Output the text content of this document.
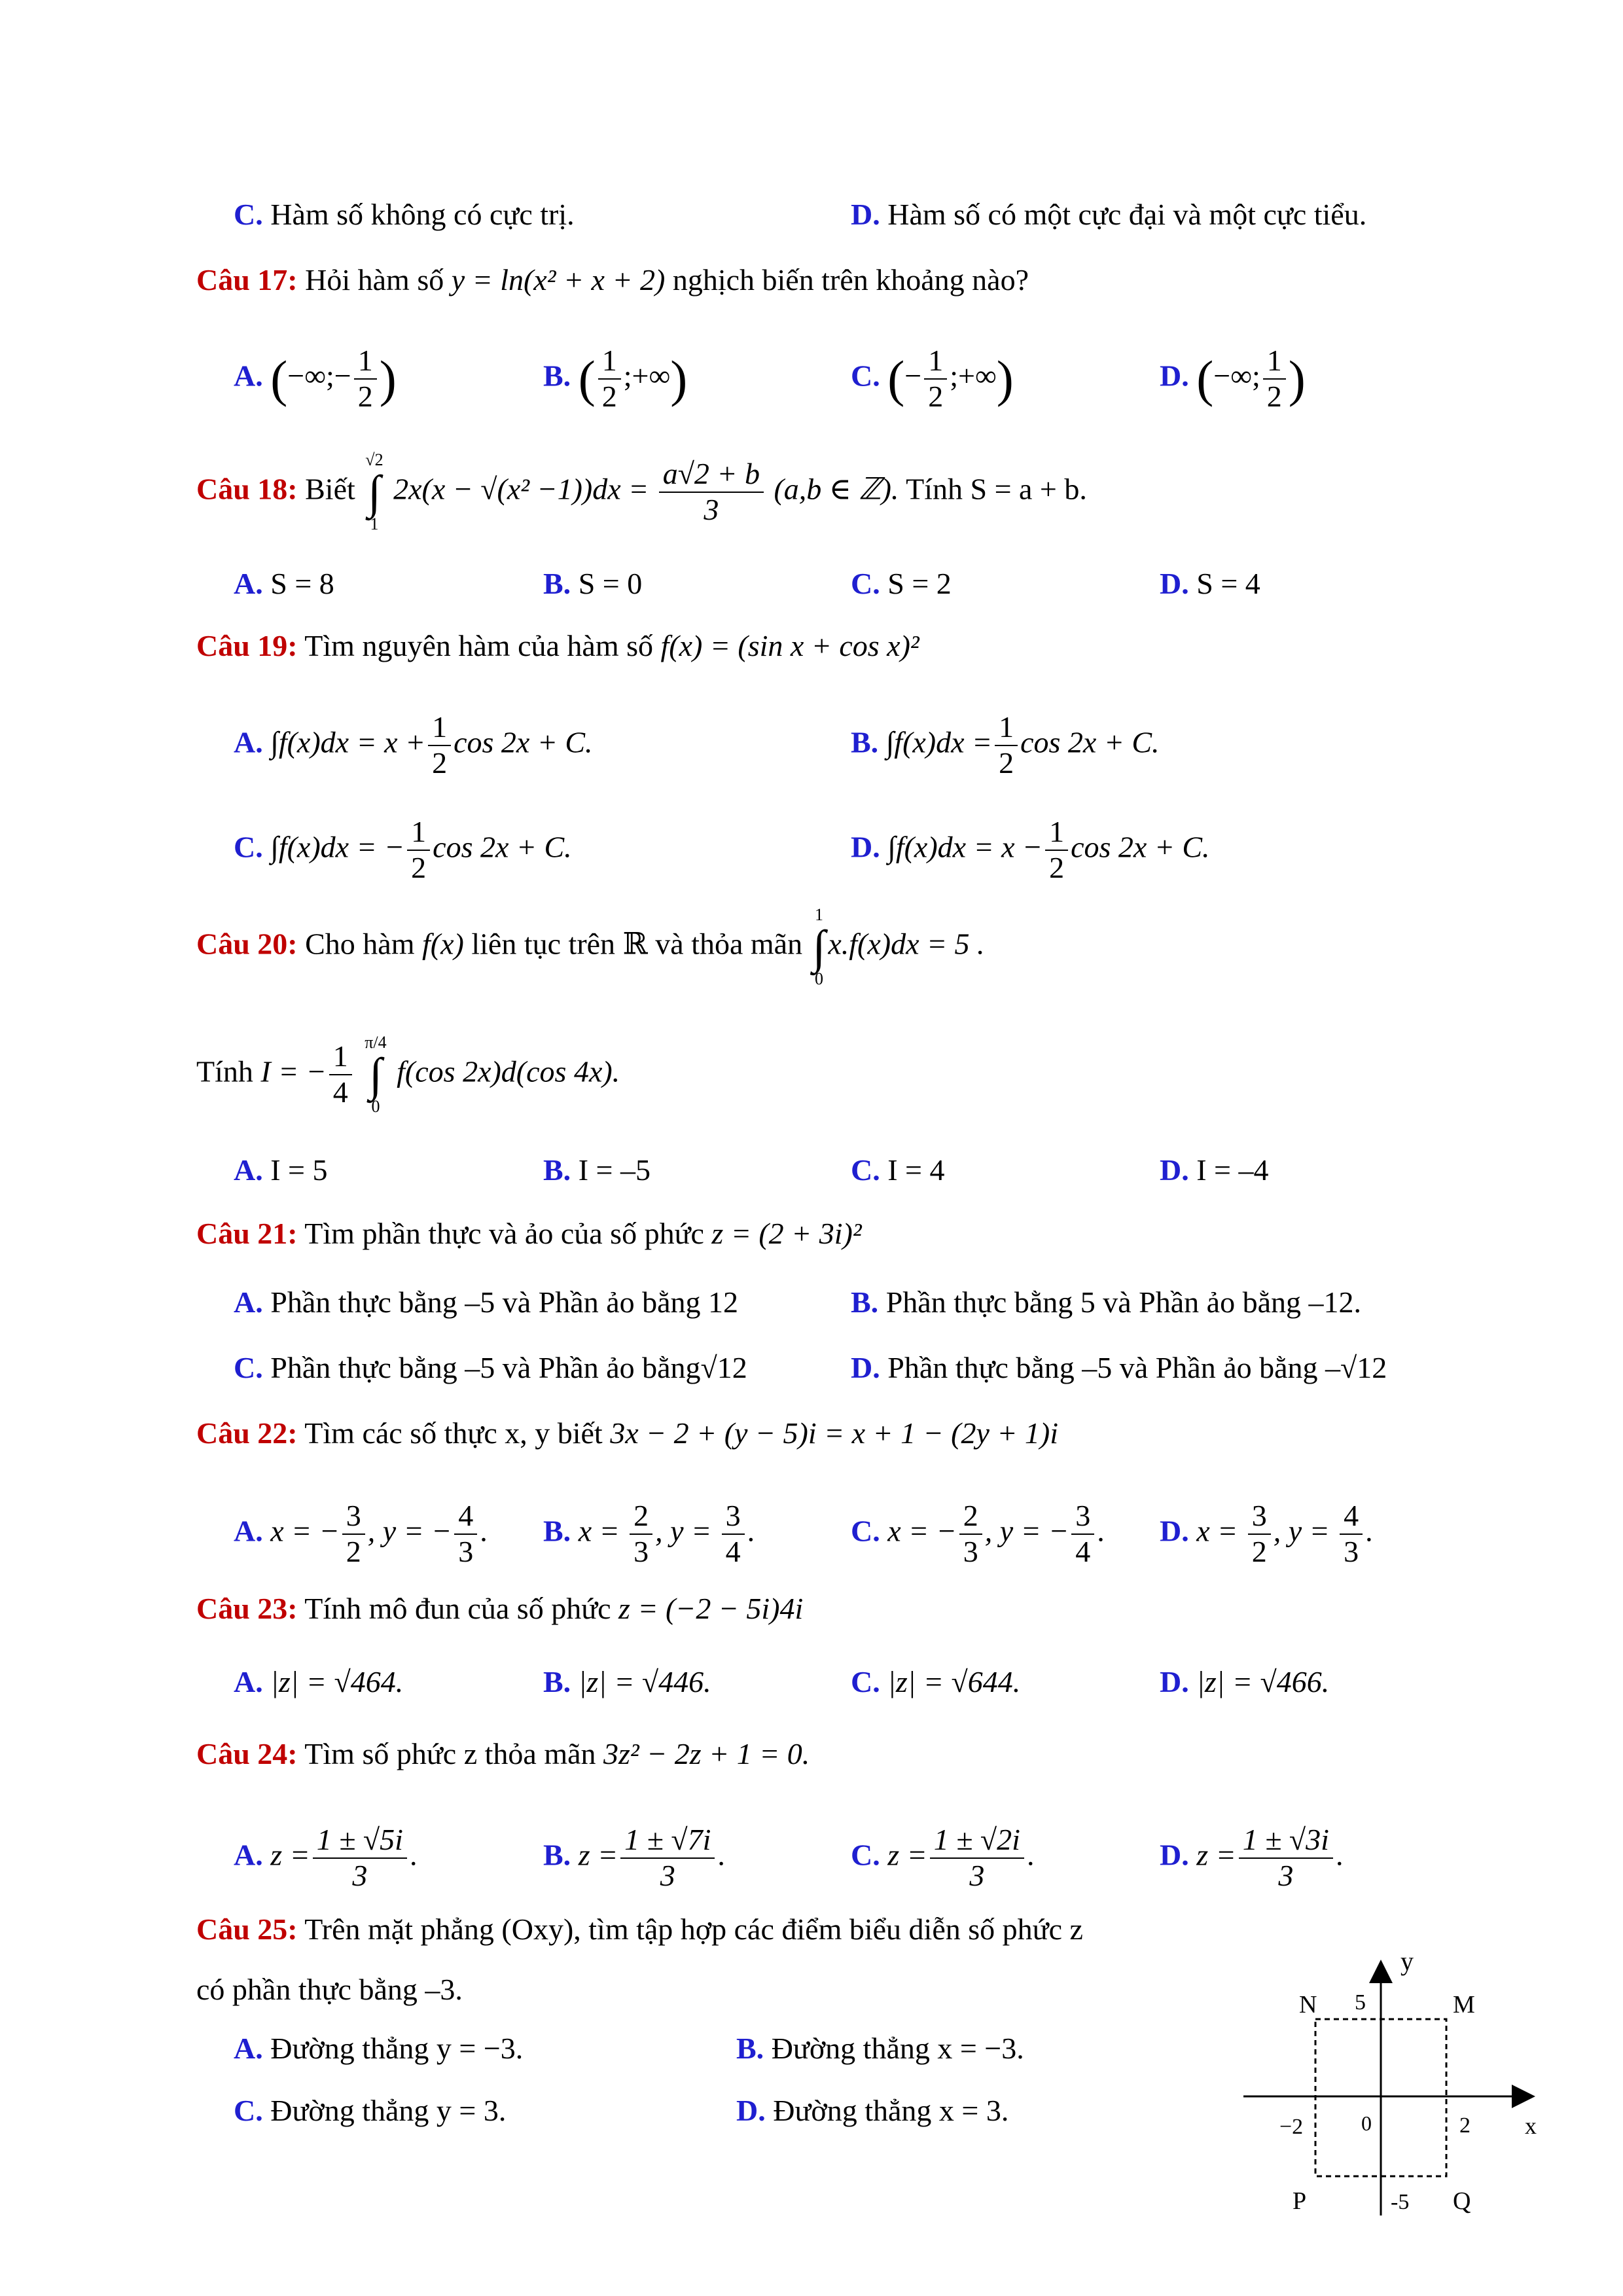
C. Hàm số không có cực trị.	D. Hàm số có một cực đại và một cực tiểu.
Câu 17: Hỏi hàm số y = ln(x² + x + 2) nghịch biến trên khoảng nào?
A. (−∞;− $\frac{1}{2}$ )	B. ( $\frac{1}{2}$ ;+∞)	C. (− $\frac{1}{2}$ ;+∞)	D. (−∞; $\frac{1}{2}$ )
Câu 18: Biết
√2
∫
1
$2x(x - √(x^2 -1))dx = \frac{a√2 + b}{3} (a,b$ ∈ ℤ). Tính S = a + b.
A. S = 8	B. S = 0	C. S = 2	D. S = 4
Câu 19: Tìm nguyên hàm của hàm số f(x) = (sin x + cos x)²
A. $\int f(x)dx = x + \frac{1}{2}$ cos 2x + C.	B. $\int f(x)dx = \frac{1}{2}$ cos 2x + C.
C. ∫f(x)dx = − $\frac{1}{2}$ cos 2x + C.	D. $\int f(x)dx = x - \frac{1}{2}$ cos 2x + C.
Câu 20: Cho hàm f(x) liên tục trên ℝ và thỏa mãn
1
∫
0
x.f(x)dx = 5 .
Tính I = − $\frac{1}{4}$
π/4
∫
0
f(cos 2x)d(cos 4x).
A. I = 5	B. I = –5	C. I = 4	D. I = –4
Câu 21: Tìm phần thực và ảo của số phức z = (2 + 3i)²
A. Phần thực bằng –5 và Phần ảo bằng 12	B. Phần thực bằng 5 và Phần ảo bằng –12.
C. Phần thực bằng –5 và Phần ảo bằng√12	D. Phần thực bằng –5 và Phần ảo bằng –√12
Câu 22: Tìm các số thực x, y biết 3x − 2 + (y − 5)i = x + 1 − (2y + 1)i
A. x = − $\frac{3}{2}$ , y = − $\frac{4}{3}$ . B. $x = \frac{2}{3}$ , $y = \frac{3}{4}$ .	C. x = − $\frac{2}{3}$ , y = − $\frac{3}{4}$ . D. $x = \frac{3}{2}$ , $y = \frac{4}{3}$ .
Câu 23: Tính mô đun của số phức z = (−2 − 5i)4i
A. |z| = √464.	B. |z| = √446.	C. |z| = √644.	D. |z| = √466.
Câu 24: Tìm số phức z thỏa mãn 3z² − 2z + 1 = 0.
A. $z = \frac{1 \pm √5i}{3}$ .	B. $z = \frac{1 \pm √7i}{3}$ .	C. $z = \frac{1 \pm √2i}{3}$ .	D. $z = \frac{1 \pm √3i}{3}$ .
Câu 25: Trên mặt phẳng (Oxy), tìm tập hợp các điểm biểu diễn số phức z
có phần thực bằng –3.
A. Đường thẳng y = −3.	B. Đường thẳng x = −3.
C. Đường thẳng y = 3.	D. Đường thẳng x = 3.
y
x
N	M
P	Q
5
-5
−2	2
0
